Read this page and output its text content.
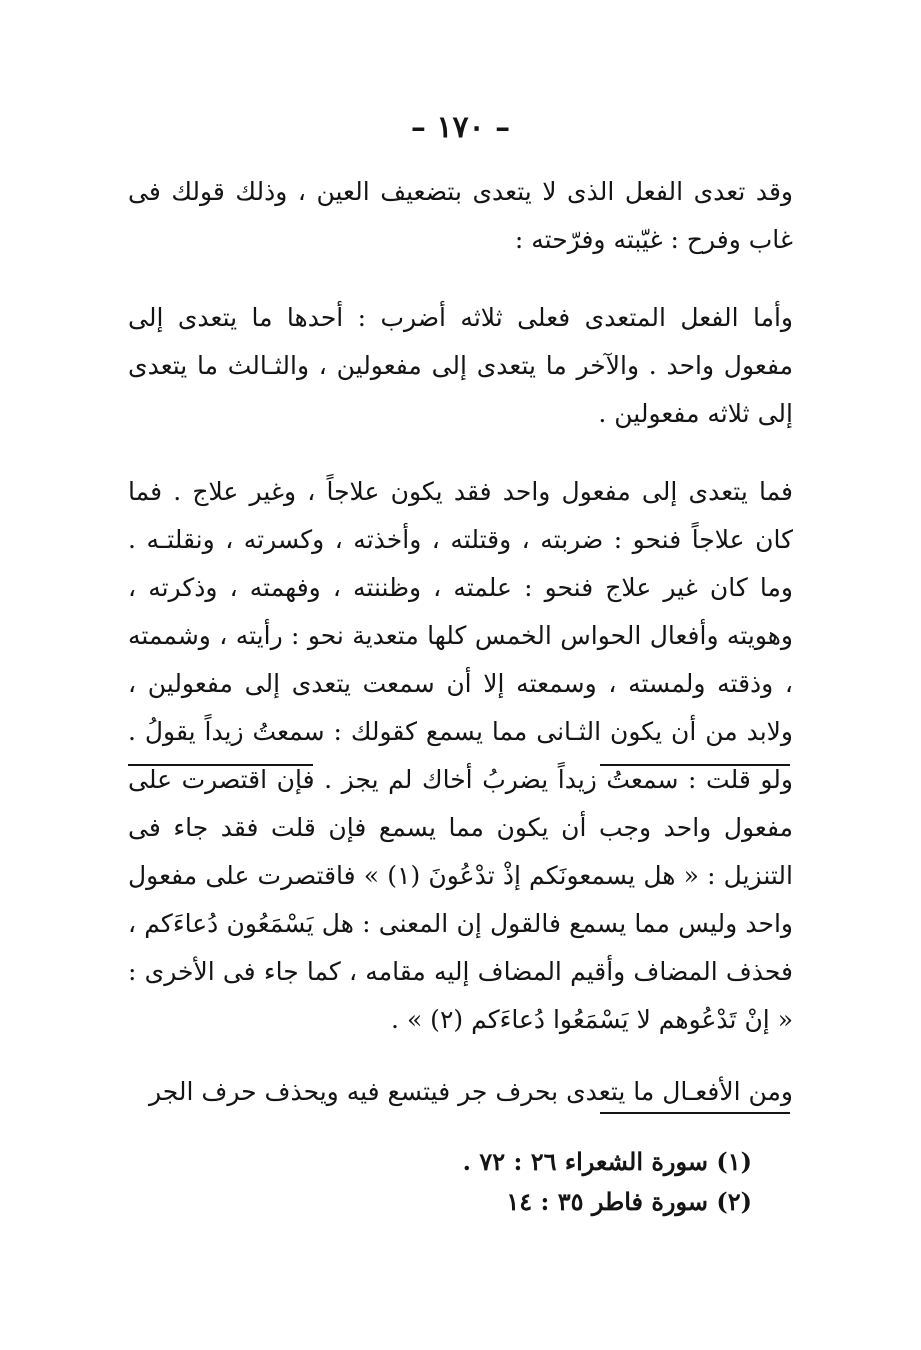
– ١٧٠ –

وقد تعدى الفعل الذى لا يتعدى بتضعيف العين ، وذلك قولك فى غاب وفرح : غيّبته وفرّحته :

وأما الفعل المتعدى فعلى ثلاثه أضرب : أحدها ما يتعدى إلى مفعول واحد . والآخر ما يتعدى إلى مفعولين ، والثـالث ما يتعدى إلى ثلاثه مفعولين .

فما يتعدى إلى مفعول واحد فقد يكون علاجاً ، وغير علاج . فما كان علاجاً فنحو : ضربته ، وقتلته ، وأخذته ، وكسرته ، ونقلتـه . وما كان غير علاج فنحو : علمته ، وظننته ، وفهمته ، وذكرته ، وهويته وأفعال الحواس الخمس كلها متعدية نحو : رأيته ، وشممته ، وذقته ولمسته ، وسمعته إلا أن سمعت يتعدى إلى مفعولين ، ولابد من أن يكون الثـانى مما يسمع كقولك : سمعتُ زيداً يقولُ . ولو قلت : سمعتُ زيداً يضربُ أخاك لم يجز . فإن اقتصرت على مفعول واحد وجب أن يكون مما يسمع فإن قلت فقد جاء فى التنزيل : « هل يسمعونَكم إذْ تدْعُونَ (١) » فاقتصرت على مفعول واحد وليس مما يسمع فالقول إن المعنى : هل يَسْمَعُون دُعاءَكم ، فحذف المضاف وأقيم المضاف إليه مقامه ، كما جاء فى الأخرى : « إنْ تَدْعُوهم لا يَسْمَعُوا دُعاءَكم (٢) » .

ومن الأفعـال ما يتعدى بحرف جر فيتسع فيه ويحذف حرف الجر

(١) سورة الشعراء ٢٦ : ٧٢ .
(٢) سورة فاطر ٣٥ : ١٤
